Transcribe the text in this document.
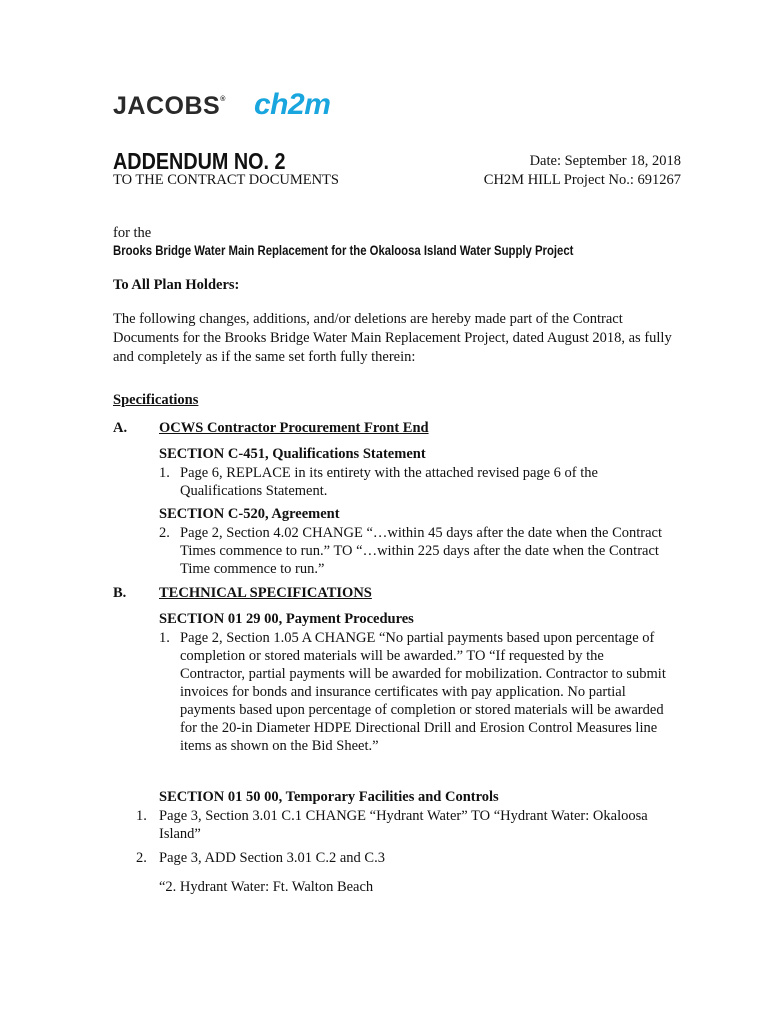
JACOBS® ch2m
ADDENDUM NO. 2
TO THE CONTRACT DOCUMENTS
Date: September 18, 2018
CH2M HILL Project No.: 691267
for the
Brooks Bridge Water Main Replacement for the Okaloosa Island Water Supply Project
To All Plan Holders:
The following changes, additions, and/or deletions are hereby made part of the Contract Documents for the Brooks Bridge Water Main Replacement Project, dated August 2018, as fully and completely as if the same set forth fully therein:
Specifications
A. OCWS Contractor Procurement Front End
SECTION C-451, Qualifications Statement
1. Page 6, REPLACE in its entirety with the attached revised page 6 of the Qualifications Statement.
SECTION C-520, Agreement
2. Page 2, Section 4.02 CHANGE “…within 45 days after the date when the Contract Times commence to run.” TO “…within 225 days after the date when the Contract Time commence to run.”
B. TECHNICAL SPECIFICATIONS
SECTION 01 29 00, Payment Procedures
1. Page 2, Section 1.05 A CHANGE “No partial payments based upon percentage of completion or stored materials will be awarded.” TO “If requested by the Contractor, partial payments will be awarded for mobilization. Contractor to submit invoices for bonds and insurance certificates with pay application. No partial payments based upon percentage of completion or stored materials will be awarded for the 20-in Diameter HDPE Directional Drill and Erosion Control Measures line items as shown on the Bid Sheet.”
SECTION 01 50 00, Temporary Facilities and Controls
1. Page 3, Section 3.01 C.1 CHANGE “Hydrant Water” TO “Hydrant Water: Okaloosa Island”
2. Page 3, ADD Section 3.01 C.2 and C.3
“2. Hydrant Water: Ft. Walton Beach
